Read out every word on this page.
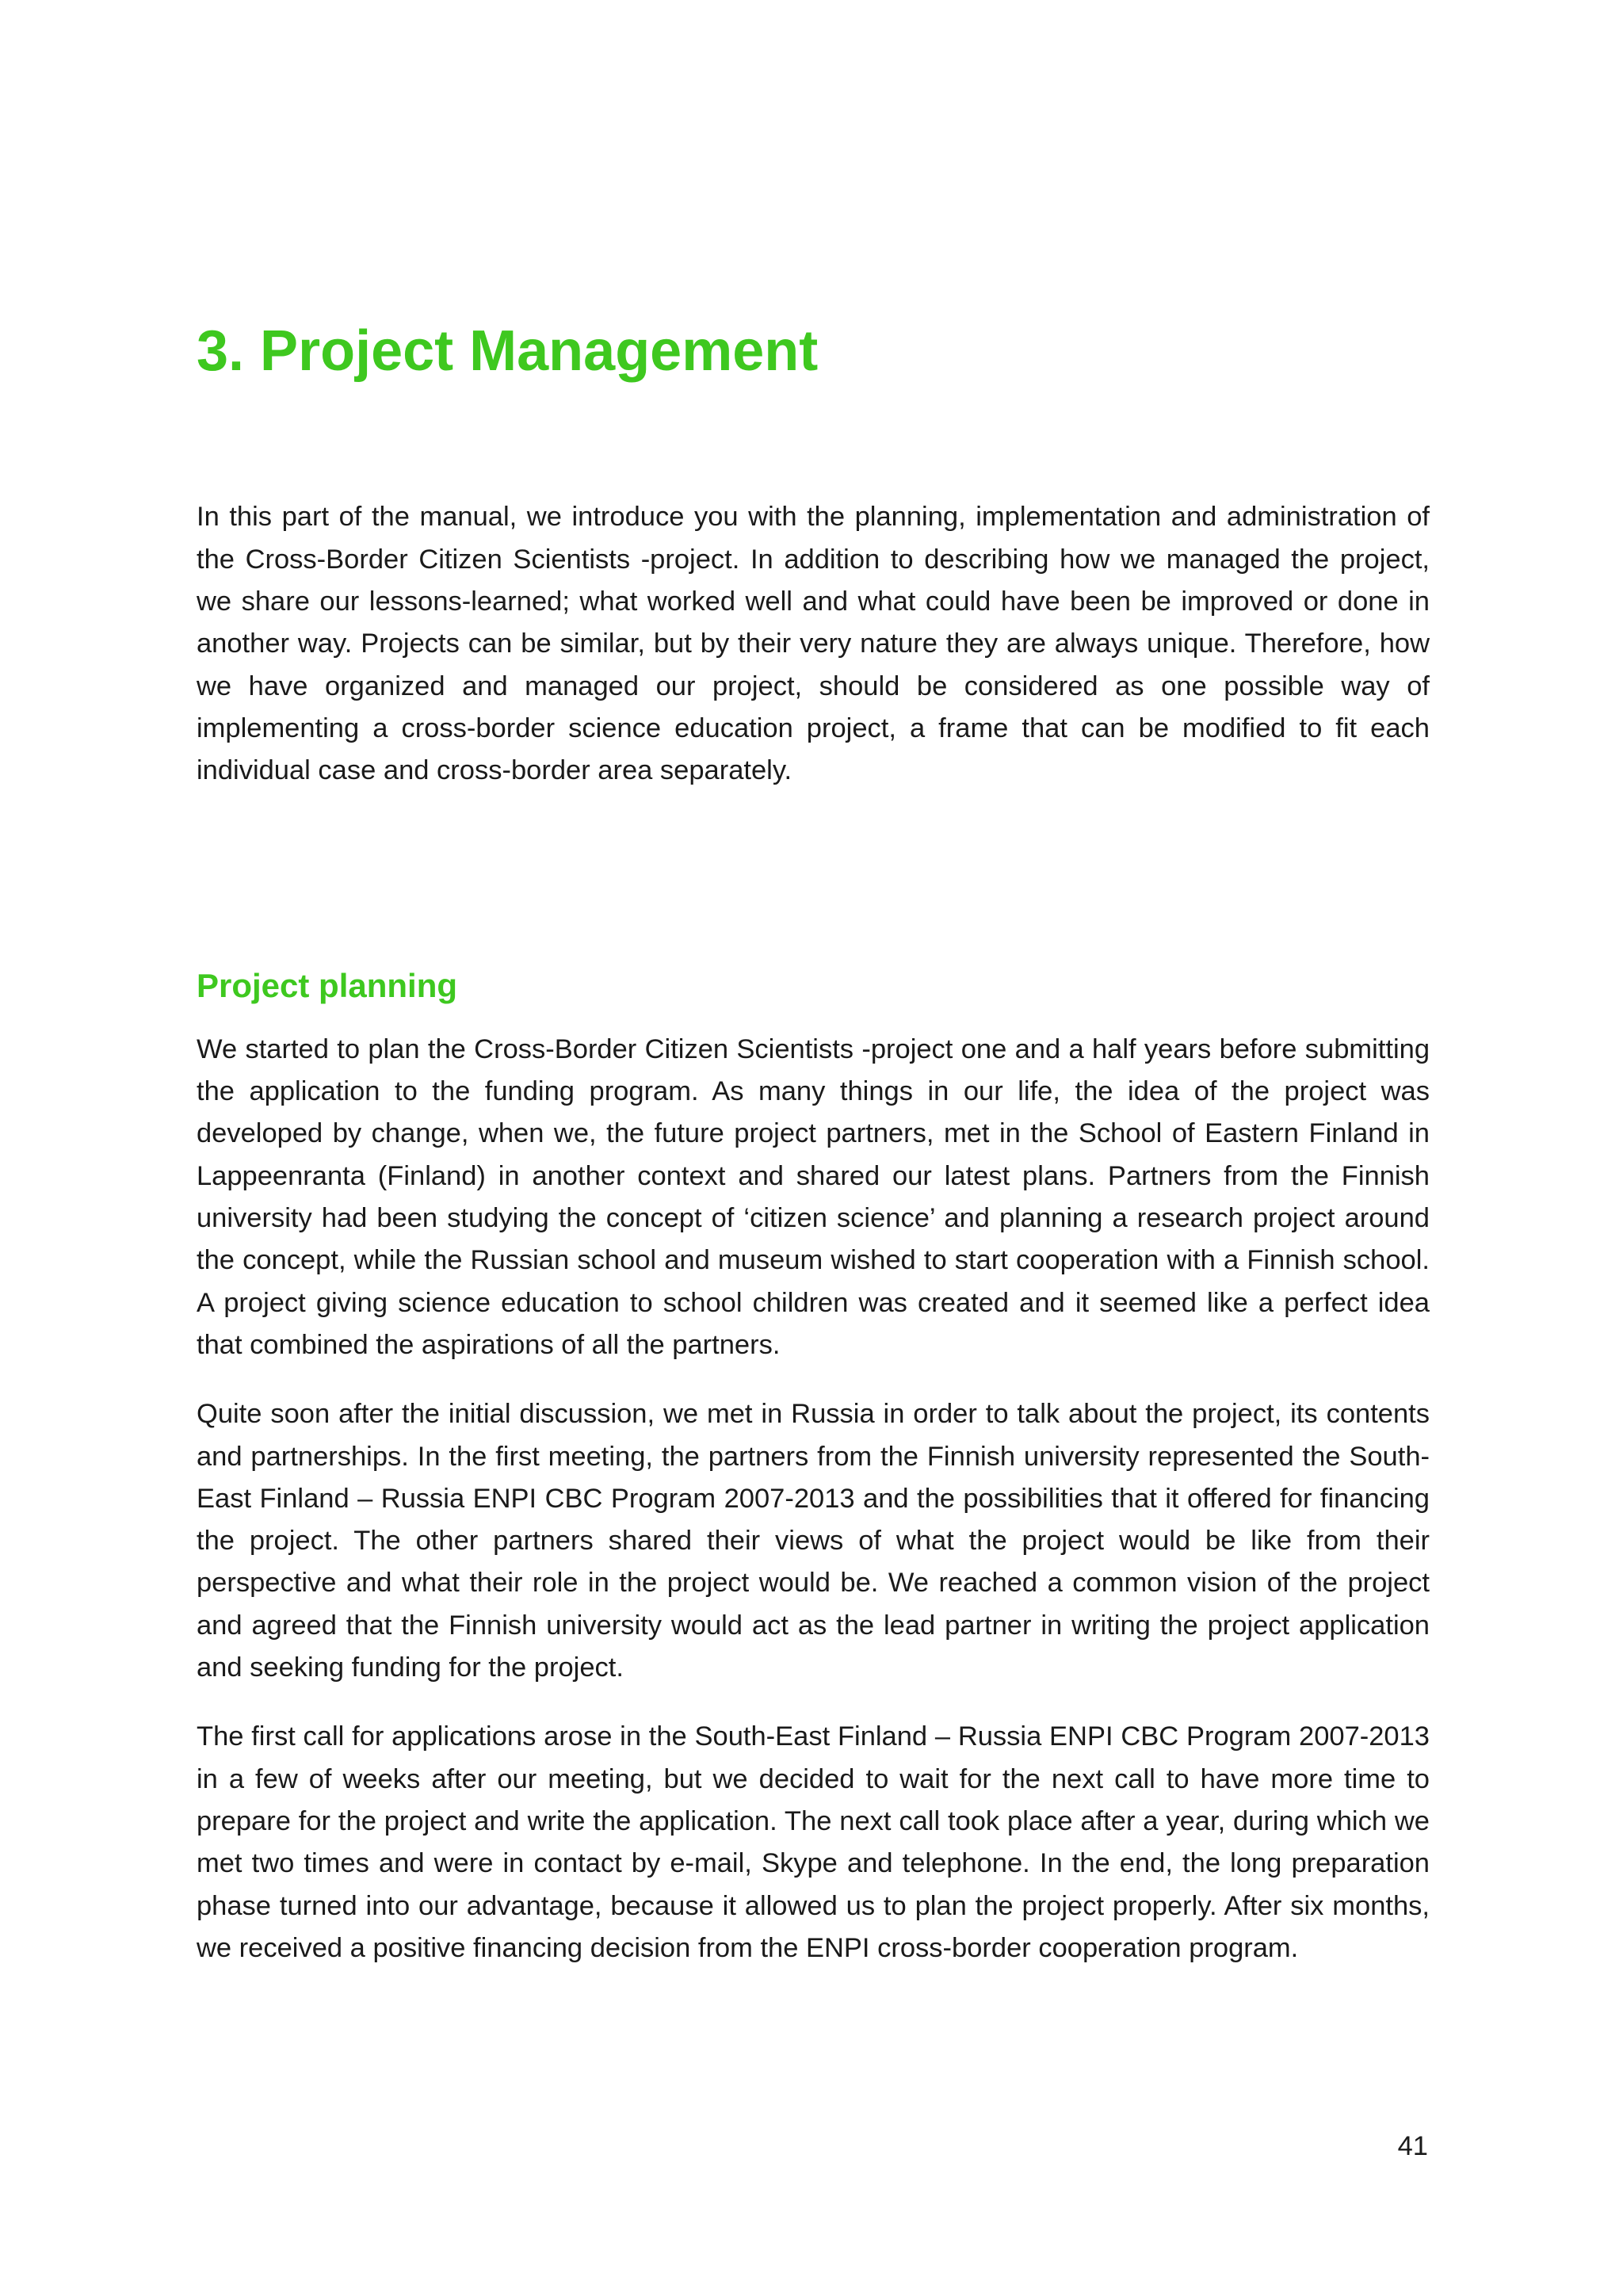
3. Project Management

In this part of the manual, we introduce you with the planning, implementation and administration of the Cross-Border Citizen Scientists -project. In addition to describing how we managed the project, we share our lessons-learned; what worked well and what could have been be improved or done in another way. Projects can be similar, but by their very nature they are always unique. Therefore, how we have organized and managed our project, should be considered as one possible way of implementing a cross-border science education project, a frame that can be modified to fit each individual case and cross-border area separately.

Project planning

We started to plan the Cross-Border Citizen Scientists -project one and a half years before submitting the application to the funding program. As many things in our life, the idea of the project was developed by change, when we, the future project partners, met in the School of Eastern Finland in Lappeenranta (Finland) in another context and shared our latest plans. Partners from the Finnish university had been studying the concept of ‘citizen science’ and planning a research project around the concept, while the Russian school and museum wished to start cooperation with a Finnish school. A project giving science education to school children was created and it seemed like a perfect idea that combined the aspirations of all the partners.

Quite soon after the initial discussion, we met in Russia in order to talk about the project, its contents and partnerships. In the first meeting, the partners from the Finnish university represented the South-East Finland – Russia ENPI CBC Program 2007-2013 and the possibilities that it offered for financing the project. The other partners shared their views of what the project would be like from their perspective and what their role in the project would be. We reached a common vision of the project and agreed that the Finnish university would act as the lead partner in writing the project application and seeking funding for the project.

The first call for applications arose in the South-East Finland – Russia ENPI CBC Program 2007-2013 in a few of weeks after our meeting, but we decided to wait for the next call to have more time to prepare for the project and write the application. The next call took place after a year, during which we met two times and were in contact by e-mail, Skype and telephone. In the end, the long preparation phase turned into our advantage, because it allowed us to plan the project properly. After six months, we received a positive financing decision from the ENPI cross-border cooperation program.

41
